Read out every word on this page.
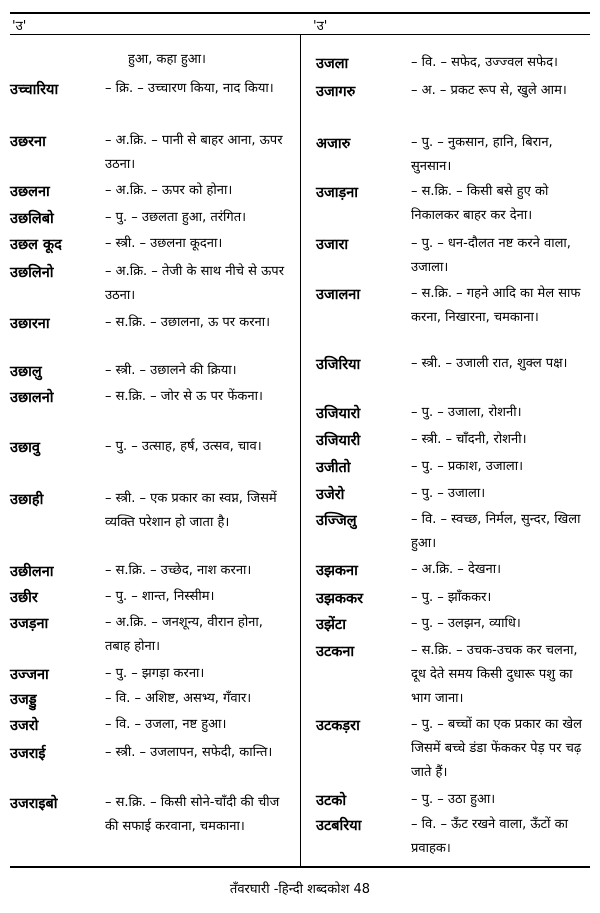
'उ'	'उ'
हुआ, कहा हुआ।
उच्चारिया	– क्रि. – उच्चारण किया, नाद किया।
उछरना	– अ.क्रि. – पानी से बाहर आना, ऊपर उठना।
उछलना	– अ.क्रि. – ऊपर को होना।
उछलिबो	– पु. – उछलता हुआ, तरंगित।
उछल कूद	– स्त्री. – उछलना कूदना।
उछलिनो	– अ.क्रि. – तेजी के साथ नीचे से ऊपर उठना।
उछारना	– स.क्रि. – उछालना, ऊ पर करना।
उछालु	– स्त्री. – उछालने की क्रिया।
उछालनो	– स.क्रि. – जोर से ऊ पर फेंकना।
उछावु	– पु. – उत्साह, हर्ष, उत्सव, चाव।
उछाही	– स्त्री. – एक प्रकार का स्वप्न, जिसमें व्यक्ति परेशान हो जाता है।
उछीलना	– स.क्रि. – उच्छेद, नाश करना।
उछीर	– पु. – शान्त, निस्सीम।
उजड़ना	– अ.क्रि. – जनशून्य, वीरान होना, तबाह होना।
उज्जना	– पु. – झगड़ा करना।
उजड्डु	– वि. – अशिष्ट, असभ्य, गँवार।
उजरो	– वि. – उजला, नष्ट हुआ।
उजराई	– स्त्री. – उजलापन, सफेदी, कान्ति।
उजराइबो	– स.क्रि. – किसी सोने-चाँदी की चीज की सफाई करवाना, चमकाना।
उजला	– वि. – सफेद, उज्ज्वल सफेद।
उजागरु	– अ. – प्रकट रूप से, खुले आम।
अजारु	– पु. – नुकसान, हानि, बिरान, सुनसान।
उजाड़ना	– स.क्रि. – किसी बसे हुए को निकालकर बाहर कर देना।
उजारा	– पु. – धन-दौलत नष्ट करने वाला, उजाला।
उजालना	– स.क्रि. – गहने आदि का मेल साफ करना, निखारना, चमकाना।
उजिरिया	– स्त्री. – उजाली रात, शुक्ल पक्ष।
उजियारो	– पु. – उजाला, रोशनी।
उजियारी	– स्त्री. – चाँदनी, रोशनी।
उजीतो	– पु. – प्रकाश, उजाला।
उजेरो	– पु. – उजाला।
उज्जिलु	– वि. – स्वच्छ, निर्मल, सुन्दर, खिला हुआ।
उझकना	– अ.क्रि. – देखना।
उझककर	– पु. – झाँककर।
उझेंटा	– पु. – उलझन, व्याधि।
उटकना	– स.क्रि. – उचक-उचक कर चलना, दूध देते समय किसी दुधारू पशु का भाग जाना।
उटकड़रा	– पु. – बच्चों का एक प्रकार का खेल जिसमें बच्चे डंडा फेंककर पेड़ पर चढ़ जाते हैं।
उटको	– पु. – उठा हुआ।
उटबरिया	– वि. – ऊँट रखने वाला, ऊँटों का प्रवाहक।
तँवरघारी -हिन्दी शब्दकोश 48
